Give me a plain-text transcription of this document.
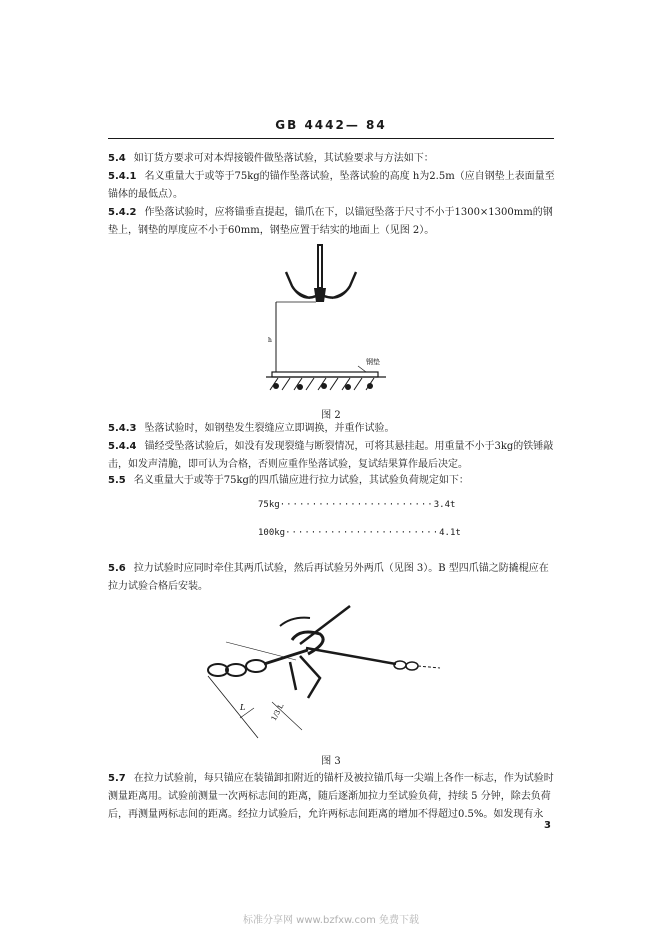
GB 4442— 84
5.4 如订货方要求可对本焊接锻件做坠落试验，其试验要求与方法如下：
5.4.1 名义重量大于或等于75kg的锚作坠落试验，坠落试验的高度 h为2.5m（应自钢垫上表面量至锚体的最低点）。
5.4.2 作坠落试验时，应将锚垂直提起，锚爪在下，以锚冠坠落于尺寸不小于1300×1300mm的钢垫上，钢垫的厚度应不小于60mm，钢垫应置于结实的地面上（见图 2）。
h
钢垫
图 2
5.4.3 坠落试验时，如钢垫发生裂缝应立即调换，并重作试验。
5.4.4 锚经受坠落试验后，如没有发现裂缝与断裂情况，可将其悬挂起。用重量不小于3kg的铁锤敲击，如发声清脆，即可认为合格，否则应重作坠落试验，复试结果算作最后决定。
5.5 名义重量大于或等于75kg的四爪锚应进行拉力试验，其试验负荷规定如下：
75kg························3.4t
100kg························4.1t
5.6 拉力试验时应同时牵住其两爪试验，然后再试验另外两爪（见图 3）。B 型四爪锚之防撬棍应在拉力试验合格后安装。
L	1/3 L
图 3
5.7 在拉力试验前，每只锚应在装锚卸扣附近的锚杆及被拉锚爪每一尖端上各作一标志，作为试验时测量距离用。试验前测量一次两标志间的距离，随后逐渐加拉力至试验负荷，持续 5 分钟，除去负荷后，再测量两标志间的距离。经拉力试验后，允许两标志间距离的增加不得超过0.5%。如发现有永
3
标准分享网 www.bzfxw.com 免费下载
